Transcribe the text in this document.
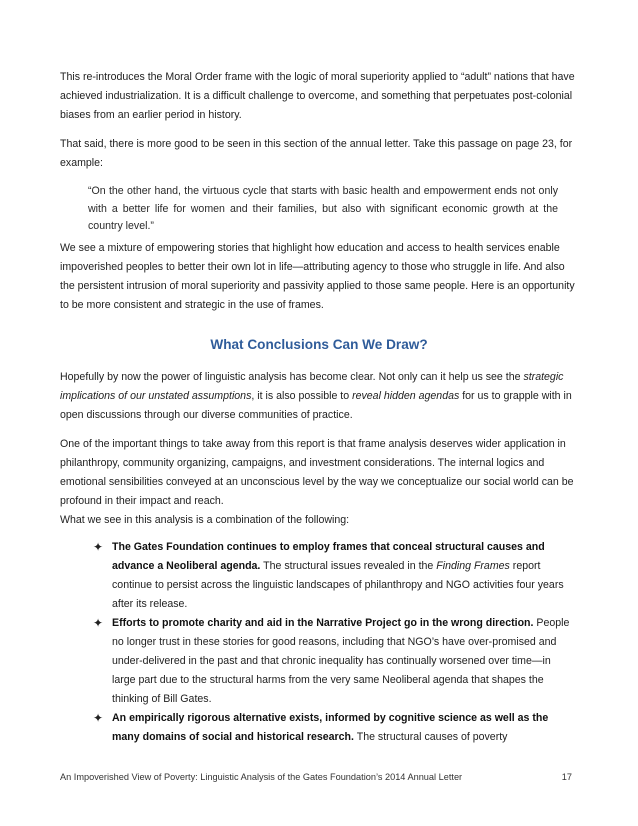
This re-introduces the Moral Order frame with the logic of moral superiority applied to “adult” nations that have achieved industrialization. It is a difficult challenge to overcome, and something that perpetuates post-colonial biases from an earlier period in history.

That said, there is more good to be seen in this section of the annual letter. Take this passage on page 23, for example:

“On the other hand, the virtuous cycle that starts with basic health and empowerment ends not only with a better life for women and their families, but also with significant economic growth at the country level.”

We see a mixture of empowering stories that highlight how education and access to health services enable impoverished peoples to better their own lot in life—attributing agency to those who struggle in life. And also the persistent intrusion of moral superiority and passivity applied to those same people. Here is an opportunity to be more consistent and strategic in the use of frames.

What Conclusions Can We Draw?

Hopefully by now the power of linguistic analysis has become clear. Not only can it help us see the strategic implications of our unstated assumptions, it is also possible to reveal hidden agendas for us to grapple with in open discussions through our diverse communities of practice.

One of the important things to take away from this report is that frame analysis deserves wider application in philanthropy, community organizing, campaigns, and investment considerations. The internal logics and emotional sensibilities conveyed at an unconscious level by the way we conceptualize our social world can be profound in their impact and reach.

What we see in this analysis is a combination of the following:

✦ The Gates Foundation continues to employ frames that conceal structural causes and advance a Neoliberal agenda. The structural issues revealed in the Finding Frames report continue to persist across the linguistic landscapes of philanthropy and NGO activities four years after its release.

✦ Efforts to promote charity and aid in the Narrative Project go in the wrong direction. People no longer trust in these stories for good reasons, including that NGO’s have over-promised and under-delivered in the past and that chronic inequality has continually worsened over time—in large part due to the structural harms from the very same Neoliberal agenda that shapes the thinking of Bill Gates.

✦ An empirically rigorous alternative exists, informed by cognitive science as well as the many domains of social and historical research. The structural causes of poverty

An Impoverished View of Poverty: Linguistic Analysis of the Gates Foundation’s 2014 Annual Letter	17
